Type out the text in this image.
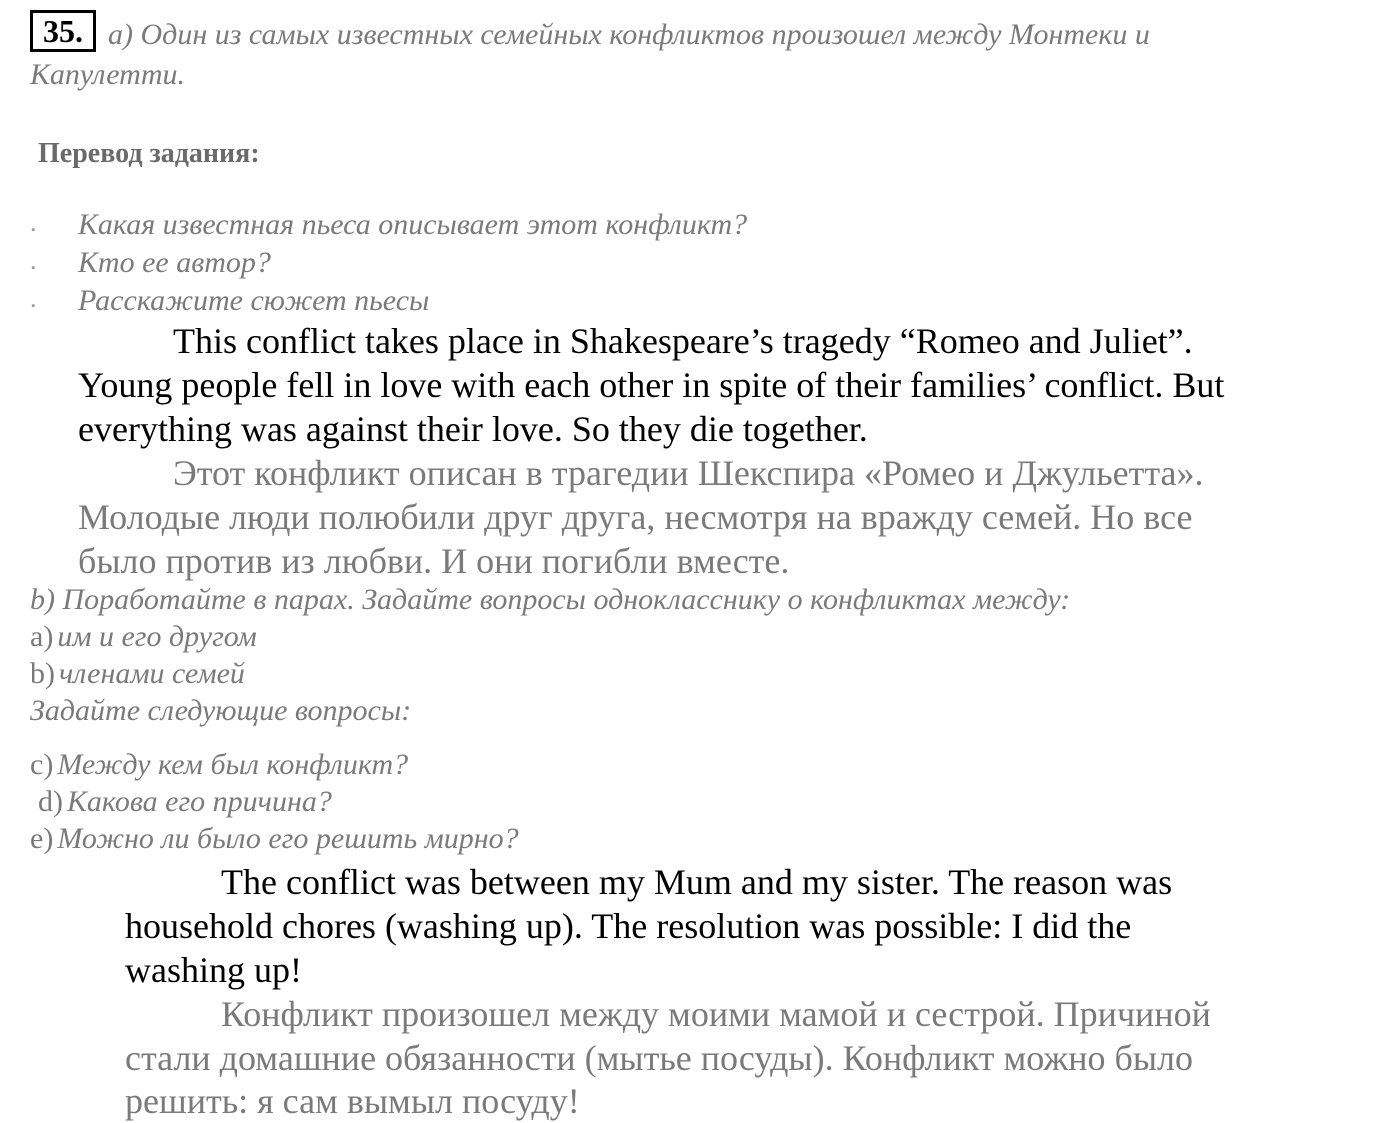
35. а) Один из самых известных семейных конфликтов произошел между Монтеки и
Капулетти.
Перевод задания:
. Какая известная пьеса описывает этот конфликт?
. Кто ее автор?
. Расскажите сюжет пьесы
This conflict takes place in Shakespeare’s tragedy “Romeo and Juliet”.
Young people fell in love with each other in spite of their families’ conflict. But
everything was against their love. So they die together.
Этот конфликт описан в трагедии Шекспира «Ромео и Джульетта».
Молодые люди полюбили друг друга, несмотря на вражду семей. Но все
было против из любви. И они погибли вместе.
b) Поработайте в парах. Задайте вопросы однокласснику о конфликтах между:
а) им и его другом
b) членами семей
Задайте следующие вопросы:
c) Между кем был конфликт?
d) Какова его причина?
e) Можно ли было его решить мирно?
The conflict was between my Mum and my sister. The reason was
household chores (washing up). The resolution was possible: I did the
washing up!
Конфликт произошел между моими мамой и сестрой. Причиной
стали домашние обязанности (мытье посуды). Конфликт можно было
решить: я сам вымыл посуду!
